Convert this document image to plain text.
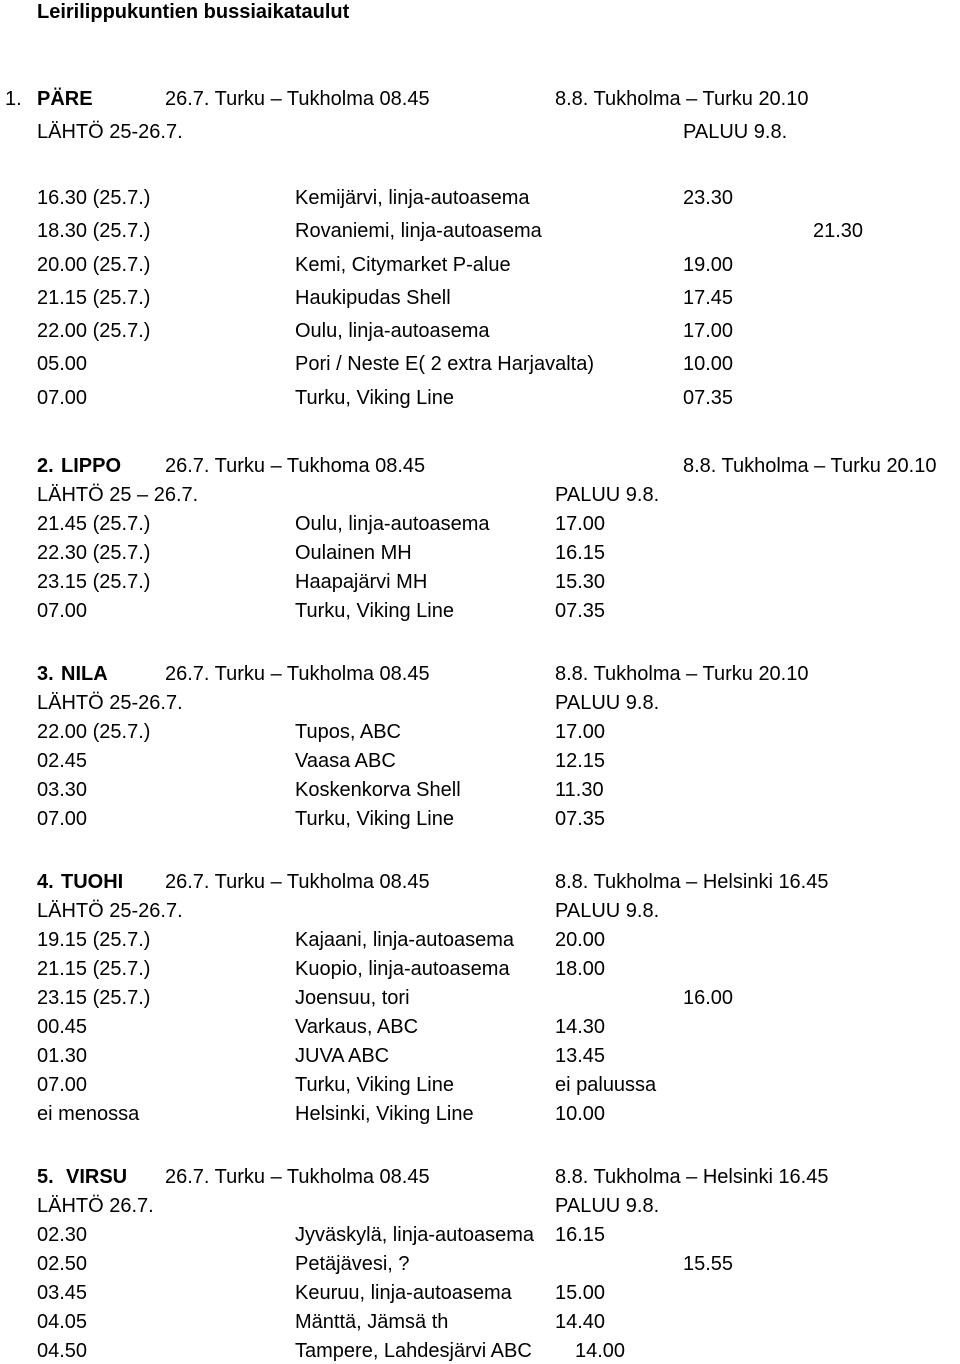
Leirilippukuntien bussiaikataulut
1. PÄRE	26.7. Turku – Tukholma 08.45	8.8. Tukholma – Turku 20.10
LÄHTÖ 25-26.7.	PALUU 9.8.
16.30 (25.7.)	Kemijärvi, linja-autoasema	23.30
18.30 (25.7.)	Rovaniemi, linja-autoasema	21.30
20.00 (25.7.)	Kemi, Citymarket P-alue	19.00
21.15 (25.7.)	Haukipudas Shell	17.45
22.00 (25.7.)	Oulu, linja-autoasema	17.00
05.00	Pori / Neste E( 2 extra Harjavalta)	10.00
07.00	Turku, Viking Line	07.35
2. LIPPO 26.7. Turku – Tukhoma 08.45	8.8. Tukholma – Turku 20.10
LÄHTÖ 25 – 26.7.	PALUU 9.8.
21.45 (25.7.)	Oulu, linja-autoasema	17.00
22.30 (25.7.)	Oulainen MH	16.15
23.15 (25.7.)	Haapajärvi MH	15.30
07.00	Turku, Viking Line	07.35
3. NILA	26.7. Turku – Tukholma 08.45	8.8. Tukholma – Turku 20.10
LÄHTÖ 25-26.7.	PALUU 9.8.
22.00 (25.7.)	Tupos, ABC	17.00
02.45	Vaasa ABC	12.15
03.30	Koskenkorva Shell	11.30
07.00	Turku, Viking Line	07.35
4. TUOHI 26.7. Turku – Tukholma 08.45	8.8. Tukholma – Helsinki 16.45
LÄHTÖ 25-26.7.	PALUU 9.8.
19.15 (25.7.)	Kajaani, linja-autoasema 20.00
21.15 (25.7.)	Kuopio, linja-autoasema 18.00
23.15 (25.7.)	Joensuu, tori	16.00
00.45	Varkaus, ABC	14.30
01.30	JUVA ABC	13.45
07.00	Turku, Viking Line	ei paluussa
ei menossa	Helsinki, Viking Line	10.00
5. VIRSU 26.7. Turku – Tukholma 08.45	8.8. Tukholma – Helsinki 16.45
LÄHTÖ 26.7.	PALUU 9.8.
02.30	Jyväskylä, linja-autoasema 16.15
02.50	Petäjävesi, ?	15.55
03.45	Keuruu, linja-autoasema 15.00
04.05	Mänttä, Jämsä th	14.40
04.50	Tampere, Lahdesjärvi ABC 14.00
